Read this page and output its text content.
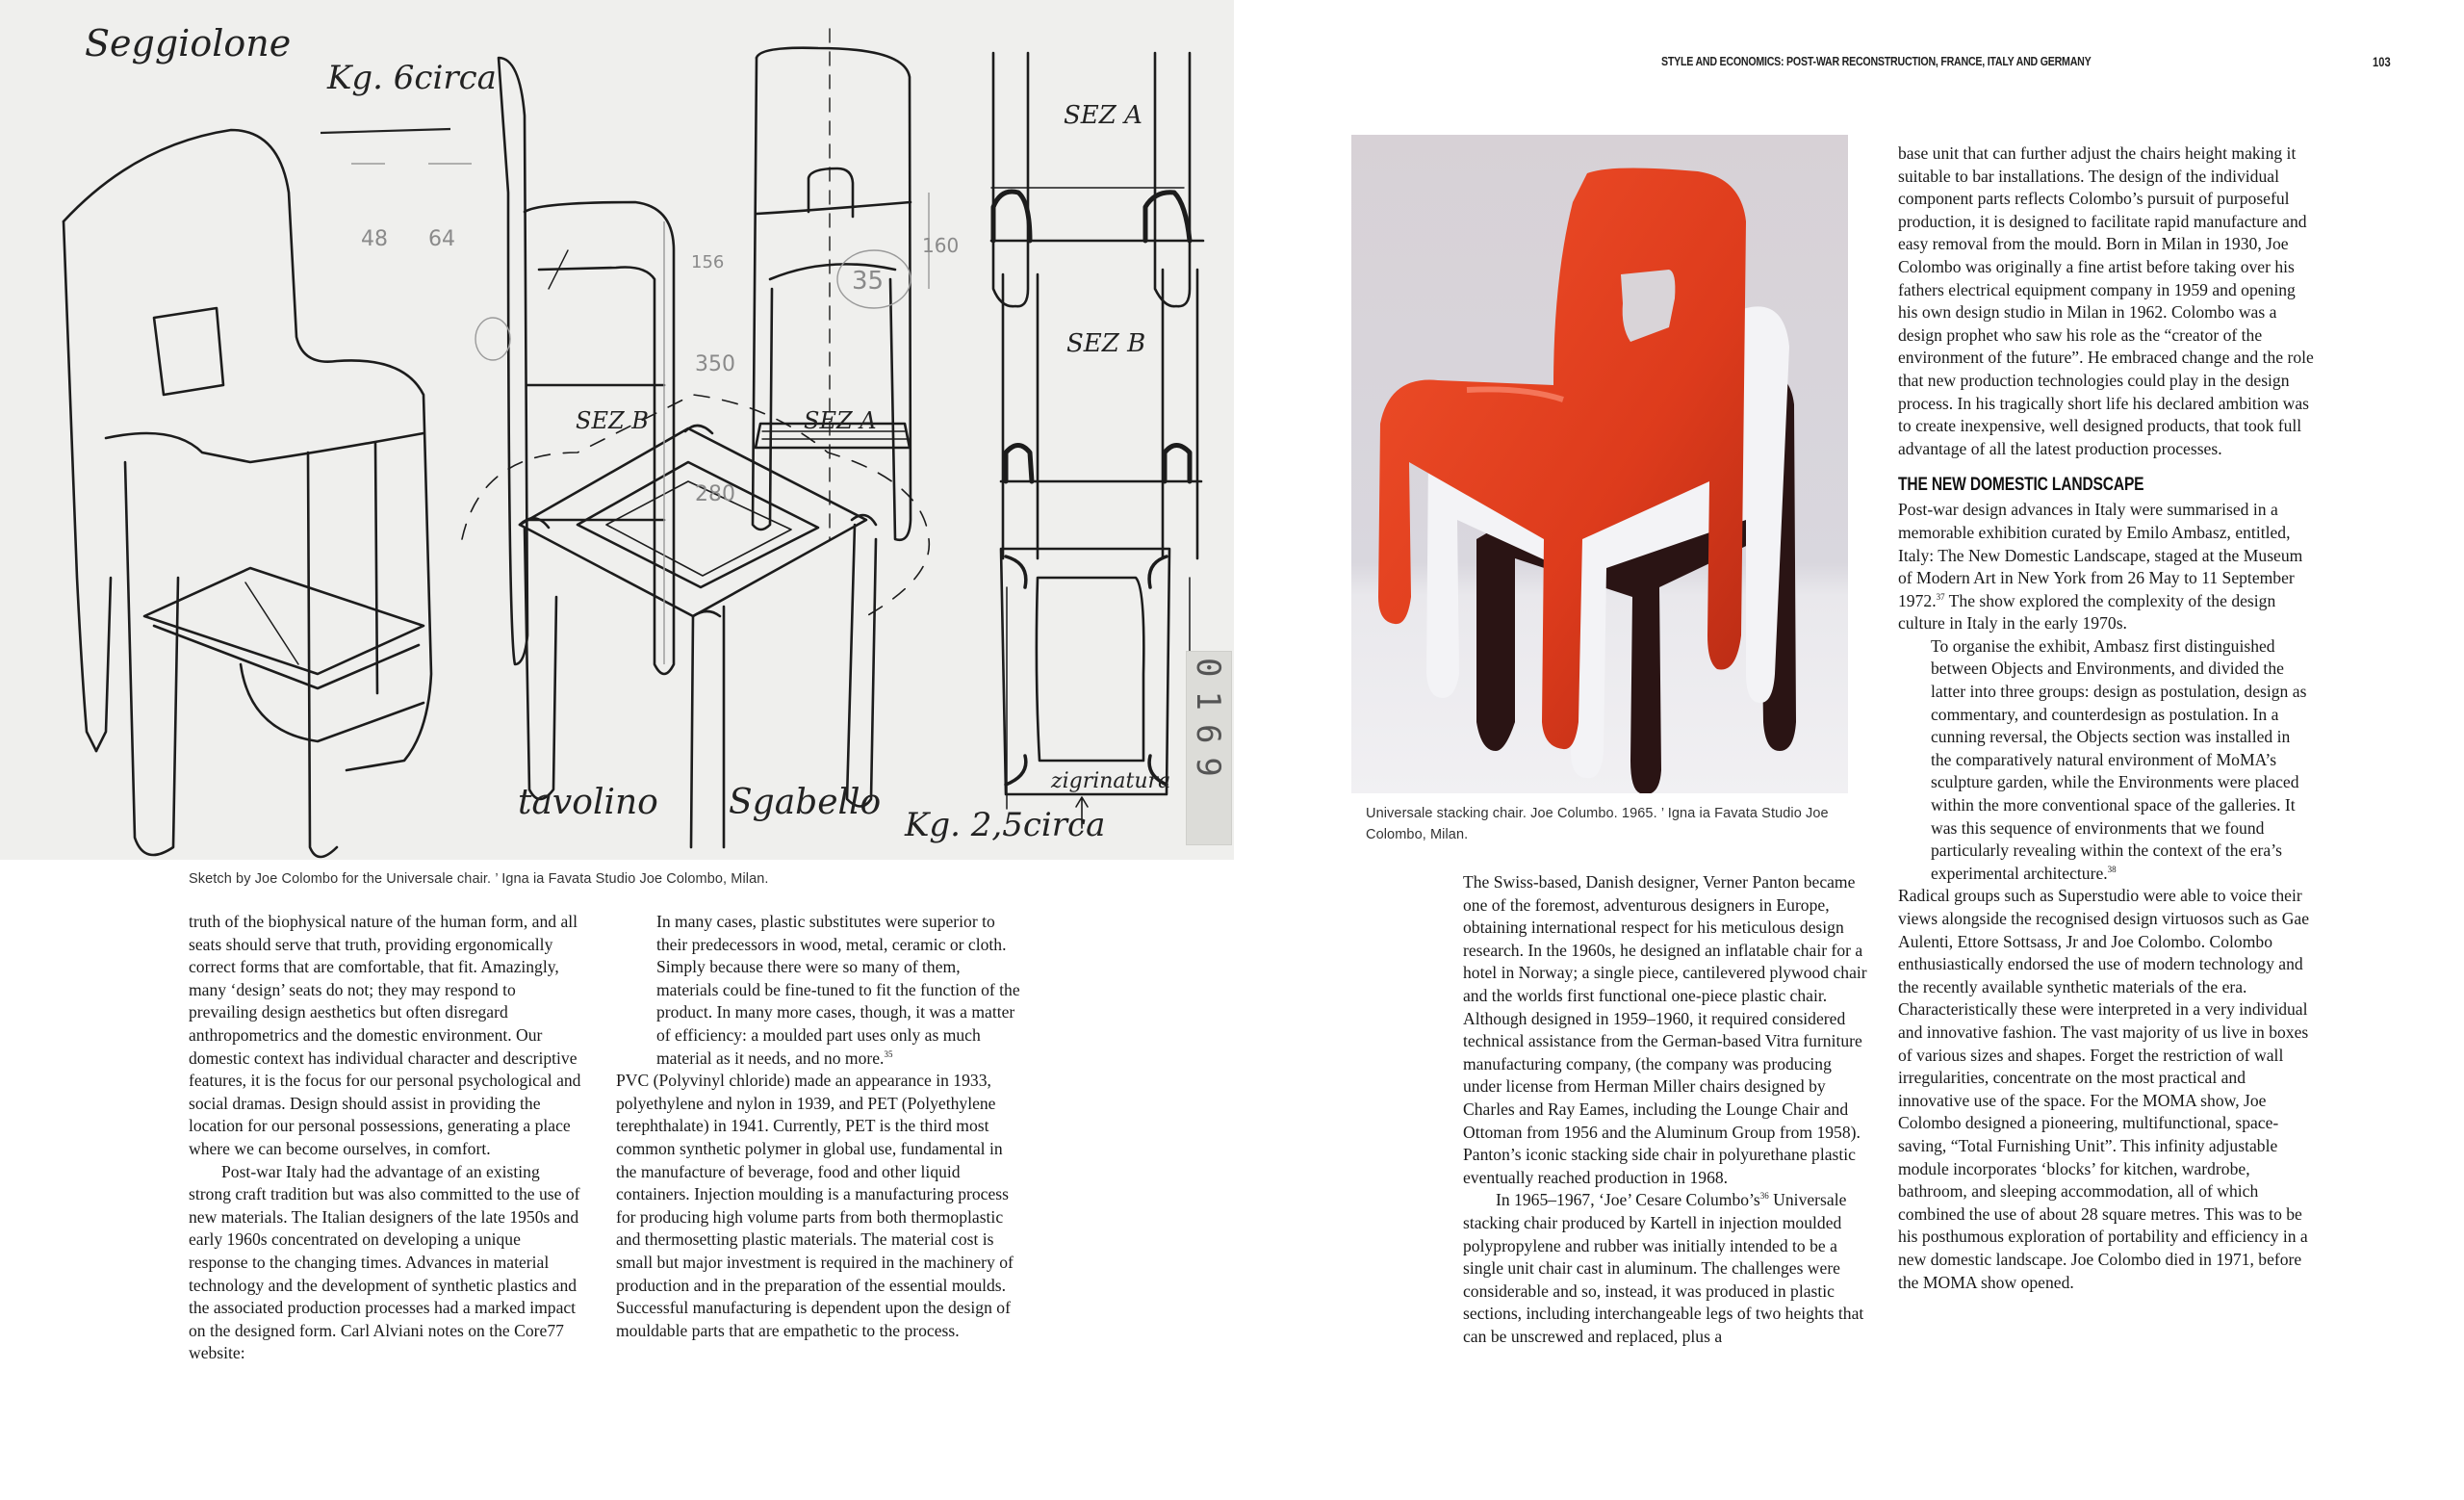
Seggiolone
Kg. 6circa
48 64
156
350
280
160
35
SEZ B	SEZ A
SEZ A
SEZ B
tavolino Sgabello
Kg. 2,5circa
zigrinatura 0169
Sketch by Joe Colombo for the Universale chair. ’ Igna ia Favata Studio Joe Colombo, Milan.

truth of the biophysical nature of the human form, and all seats should serve that truth, providing ergonomically correct forms that are comfortable, that fit. Amazingly, many ‘design’ seats do not; they may respond to prevailing design aesthetics but often disregard anthropometrics and the domestic environment. Our domestic context has individual character and descriptive features, it is the focus for our personal psychological and social dramas. Design should assist in providing the location for our personal possessions, generating a place where we can become ourselves, in comfort.

Post-war Italy had the advantage of an existing strong craft tradition but was also committed to the use of new materials. The Italian designers of the late 1950s and early 1960s concentrated on developing a unique response to the changing times. Advances in material technology and the development of synthetic plastics and the associated production processes had a marked impact on the designed form. Carl Alviani notes on the Core77 website:

In many cases, plastic substitutes were superior to their predecessors in wood, metal, ceramic or cloth. Simply because there were so many of them, materials could be fine-tuned to fit the function of the product. In many more cases, though, it was a matter of efficiency: a moulded part uses only as much material as it needs, and no more.$^{35}$

PVC (Polyvinyl chloride) made an appearance in 1933, polyethylene and nylon in 1939, and PET (Polyethylene terephthalate) in 1941. Currently, PET is the third most common synthetic polymer in global use, fundamental in the manufacture of beverage, food and other liquid containers. Injection moulding is a manufacturing process for producing high volume parts from both thermoplastic and thermosetting plastic materials. The material cost is small but major investment is required in the machinery of production and in the preparation of the essential moulds. Successful manufacturing is dependent upon the design of mouldable parts that are empathetic to the process.

STYLE AND ECONOMICS: POST-WAR RECONSTRUCTION, FRANCE, ITALY AND GERMANY	103
Universale stacking chair. Joe Columbo. 1965. ’ Igna ia Favata Studio Joe
Colombo, Milan.

The Swiss-based, Danish designer, Verner Panton became one of the foremost, adventurous designers in Europe, obtaining international respect for his meticulous design research. In the 1960s, he designed an inflatable chair for a hotel in Norway; a single piece, cantilevered plywood chair and the worlds first functional one-piece plastic chair. Although designed in 1959–1960, it required considered technical assistance from the German-based Vitra furniture manufacturing company, (the company was producing under license from Herman Miller chairs designed by Charles and Ray Eames, including the Lounge Chair and Ottoman from 1956 and the Aluminum Group from 1958). Panton’s iconic stacking side chair in polyurethane plastic eventually reached production in 1968.

In 1965–1967, ‘Joe’ Cesare $Columbo’s^{36}$ Universale stacking chair produced by Kartell in injection moulded polypropylene and rubber was initially intended to be a single unit chair cast in aluminum. The challenges were considerable and so, instead, it was produced in plastic sections, including interchangeable legs of two heights that can be unscrewed and replaced, plus a

base unit that can further adjust the chairs height making it suitable to bar installations. The design of the individual component parts reflects Colombo’s pursuit of purposeful production, it is designed to facilitate rapid manufacture and easy removal from the mould. Born in Milan in 1930, Joe Colombo was originally a fine artist before taking over his fathers electrical equipment company in 1959 and opening his own design studio in Milan in 1962. Colombo was a design prophet who saw his role as the “creator of the environment of the future”. He embraced change and the role that new production technologies could play in the design process. In his tragically short life his declared ambition was to create inexpensive, well designed products, that took full advantage of all the latest production processes.

THE NEW DOMESTIC LANDSCAPE

Post-war design advances in Italy were summarised in a memorable exhibition curated by Emilo Ambasz, entitled, Italy: The New Domestic Landscape, staged at the Museum of Modern Art in New York from 26 May to 11 September 1972.37 The show explored the complexity of the design culture in Italy in the early 1970s.

To organise the exhibit, Ambasz first distinguished between Objects and Environments, and divided the latter into three groups: design as postulation, design as commentary, and counterdesign as postulation. In a cunning reversal, the Objects section was installed in the comparatively natural environment of MoMA’s sculpture garden, while the Environments were placed within the more conventional space of the galleries. It was this sequence of environments that we found particularly revealing within the context of the era’s experimental architecture.$^{38}$

Radical groups such as Superstudio were able to voice their views alongside the recognised design virtuosos such as Gae Aulenti, Ettore Sottsass, Jr and Joe Colombo. Colombo enthusiastically endorsed the use of modern technology and the recently available synthetic materials of the era. Characteristically these were interpreted in a very individual and innovative fashion. The vast majority of us live in boxes of various sizes and shapes. Forget the restriction of wall irregularities, concentrate on the most practical and innovative use of the space. For the MOMA show, Joe Colombo designed a pioneering, multifunctional, space-saving, “Total Furnishing Unit”. This infinity adjustable module incorporates ‘blocks’ for kitchen, wardrobe, bathroom, and sleeping accommodation, all of which combined the use of about 28 square metres. This was to be his posthumous exploration of portability and efficiency in a new domestic landscape. Joe Colombo died in 1971, before the MOMA show opened.
